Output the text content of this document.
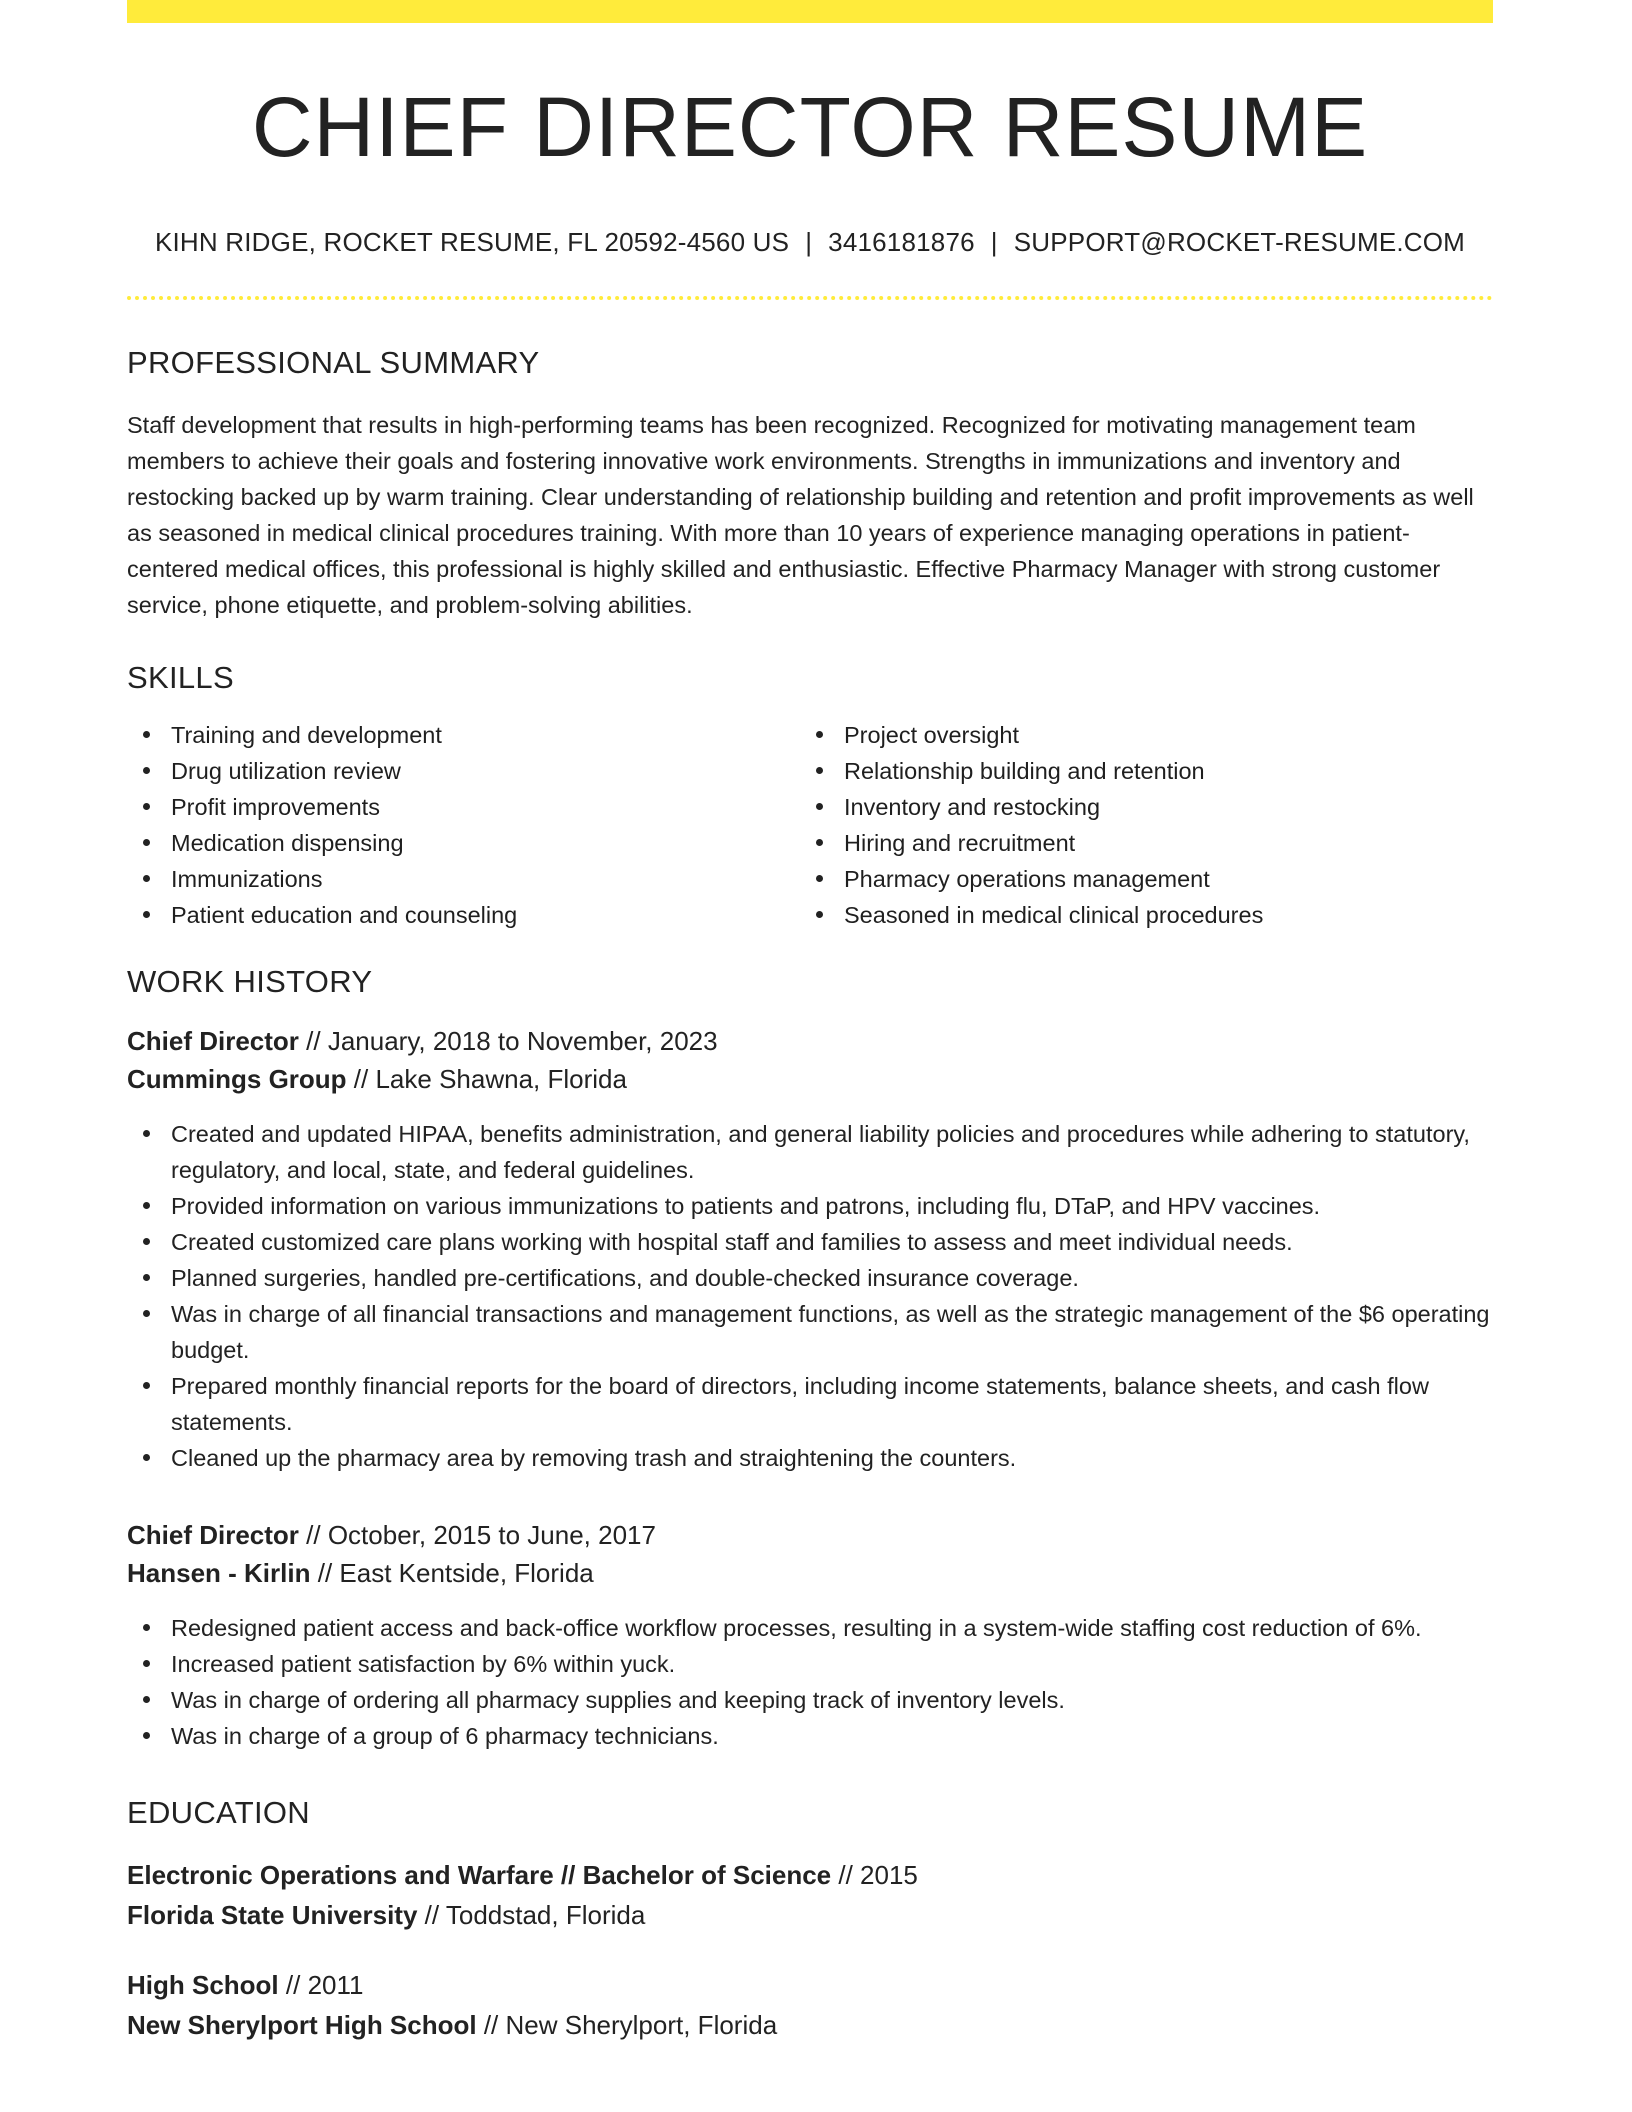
CHIEF DIRECTOR RESUME
KIHN RIDGE, ROCKET RESUME, FL 20592-4560 US | 3416181876 | SUPPORT@ROCKET-RESUME.COM
PROFESSIONAL SUMMARY
Staff development that results in high-performing teams has been recognized. Recognized for motivating management team members to achieve their goals and fostering innovative work environments. Strengths in immunizations and inventory and restocking backed up by warm training. Clear understanding of relationship building and retention and profit improvements as well as seasoned in medical clinical procedures training. With more than 10 years of experience managing operations in patient-centered medical offices, this professional is highly skilled and enthusiastic. Effective Pharmacy Manager with strong customer service, phone etiquette, and problem-solving abilities.
SKILLS
Training and development
Drug utilization review
Profit improvements
Medication dispensing
Immunizations
Patient education and counseling
Project oversight
Relationship building and retention
Inventory and restocking
Hiring and recruitment
Pharmacy operations management
Seasoned in medical clinical procedures
WORK HISTORY
Chief Director // January, 2018 to November, 2023
Cummings Group // Lake Shawna, Florida
Created and updated HIPAA, benefits administration, and general liability policies and procedures while adhering to statutory, regulatory, and local, state, and federal guidelines.
Provided information on various immunizations to patients and patrons, including flu, DTaP, and HPV vaccines.
Created customized care plans working with hospital staff and families to assess and meet individual needs.
Planned surgeries, handled pre-certifications, and double-checked insurance coverage.
Was in charge of all financial transactions and management functions, as well as the strategic management of the $6 operating budget.
Prepared monthly financial reports for the board of directors, including income statements, balance sheets, and cash flow statements.
Cleaned up the pharmacy area by removing trash and straightening the counters.
Chief Director // October, 2015 to June, 2017
Hansen - Kirlin // East Kentside, Florida
Redesigned patient access and back-office workflow processes, resulting in a system-wide staffing cost reduction of 6%.
Increased patient satisfaction by 6% within yuck.
Was in charge of ordering all pharmacy supplies and keeping track of inventory levels.
Was in charge of a group of 6 pharmacy technicians.
EDUCATION
Electronic Operations and Warfare // Bachelor of Science // 2015
Florida State University // Toddstad, Florida
High School // 2011
New Sherylport High School // New Sherylport, Florida
